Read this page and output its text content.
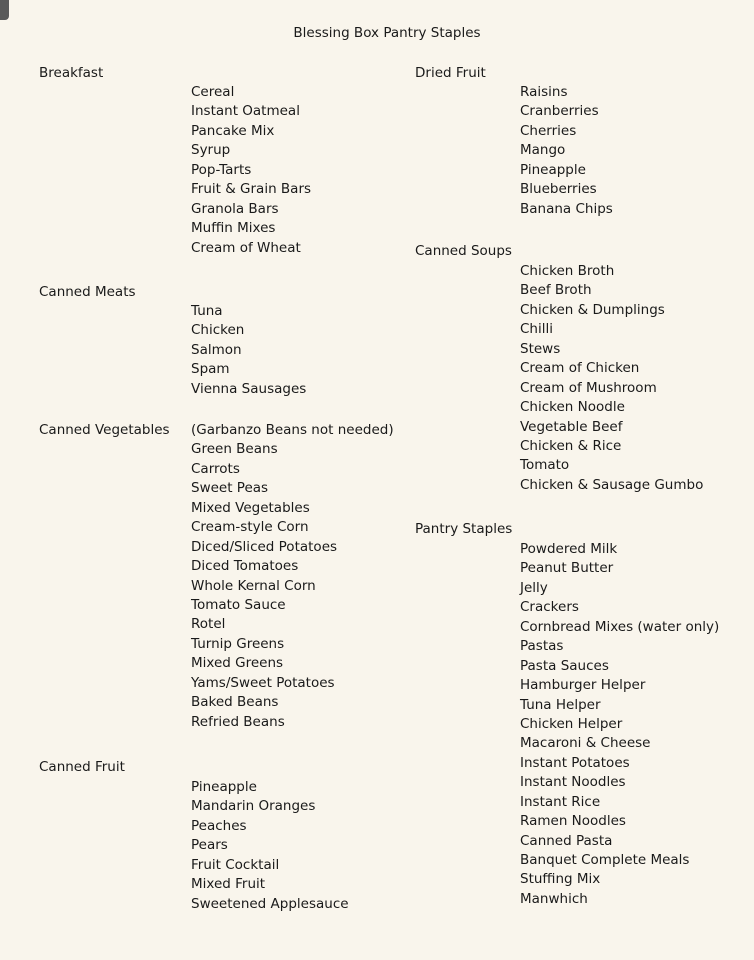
Blessing Box Pantry Staples
Breakfast
Cereal
Instant Oatmeal
Pancake Mix
Syrup
Pop-Tarts
Fruit & Grain Bars
Granola Bars
Muffin Mixes
Cream of Wheat
Canned Meats
Tuna
Chicken
Salmon
Spam
Vienna Sausages
Canned Vegetables (Garbanzo Beans not needed)
Green Beans
Carrots
Sweet Peas
Mixed Vegetables
Cream-style Corn
Diced/Sliced Potatoes
Diced Tomatoes
Whole Kernal Corn
Tomato Sauce
Rotel
Turnip Greens
Mixed Greens
Yams/Sweet Potatoes
Baked Beans
Refried Beans
Canned Fruit
Pineapple
Mandarin Oranges
Peaches
Pears
Fruit Cocktail
Mixed Fruit
Sweetened Applesauce
Dried Fruit
Raisins
Cranberries
Cherries
Mango
Pineapple
Blueberries
Banana Chips
Canned Soups
Chicken Broth
Beef Broth
Chicken & Dumplings
Chilli
Stews
Cream of Chicken
Cream of Mushroom
Chicken Noodle
Vegetable Beef
Chicken & Rice
Tomato
Chicken & Sausage Gumbo
Pantry Staples
Powdered Milk
Peanut Butter
Jelly
Crackers
Cornbread Mixes (water only)
Pastas
Pasta Sauces
Hamburger Helper
Tuna Helper
Chicken Helper
Macaroni & Cheese
Instant Potatoes
Instant Noodles
Instant Rice
Ramen Noodles
Canned Pasta
Banquet Complete Meals
Stuffing Mix
Manwhich
